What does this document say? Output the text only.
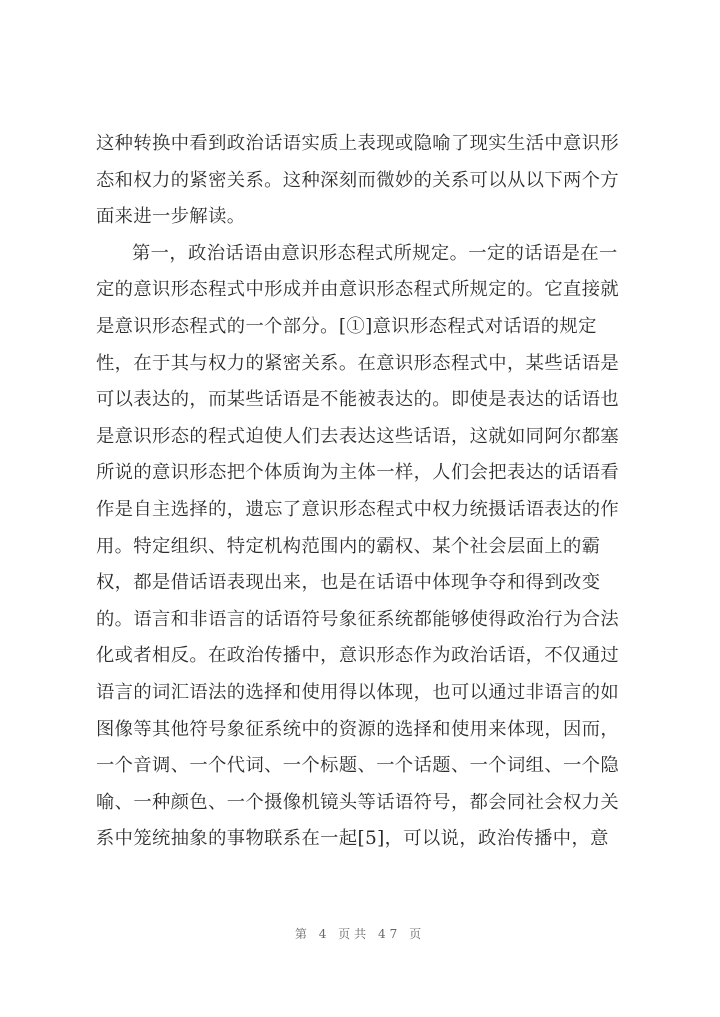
这种转换中看到政治话语实质上表现或隐喻了现实生活中意识形
态和权力的紧密关系。这种深刻而微妙的关系可以从以下两个方
面来进一步解读。
第一，政治话语由意识形态程式所规定。一定的话语是在一
定的意识形态程式中形成并由意识形态程式所规定的。它直接就
是意识形态程式的一个部分。[①]意识形态程式对话语的规定
性，在于其与权力的紧密关系。在意识形态程式中，某些话语是
可以表达的，而某些话语是不能被表达的。即使是表达的话语也
是意识形态的程式迫使人们去表达这些话语，这就如同阿尔都塞
所说的意识形态把个体质询为主体一样，人们会把表达的话语看
作是自主选择的，遗忘了意识形态程式中权力统摄话语表达的作
用。特定组织、特定机构范围内的霸权、某个社会层面上的霸
权，都是借话语表现出来，也是在话语中体现争夺和得到改变
的。语言和非语言的话语符号象征系统都能够使得政治行为合法
化或者相反。在政治传播中，意识形态作为政治话语，不仅通过
语言的词汇语法的选择和使用得以体现，也可以通过非语言的如
图像等其他符号象征系统中的资源的选择和使用来体现，因而，
一个音调、一个代词、一个标题、一个话题、一个词组、一个隐
喻、一种颜色、一个摄像机镜头等话语符号，都会同社会权力关
系中笼统抽象的事物联系在一起[5]，可以说，政治传播中，意
第 4 页共 47 页
